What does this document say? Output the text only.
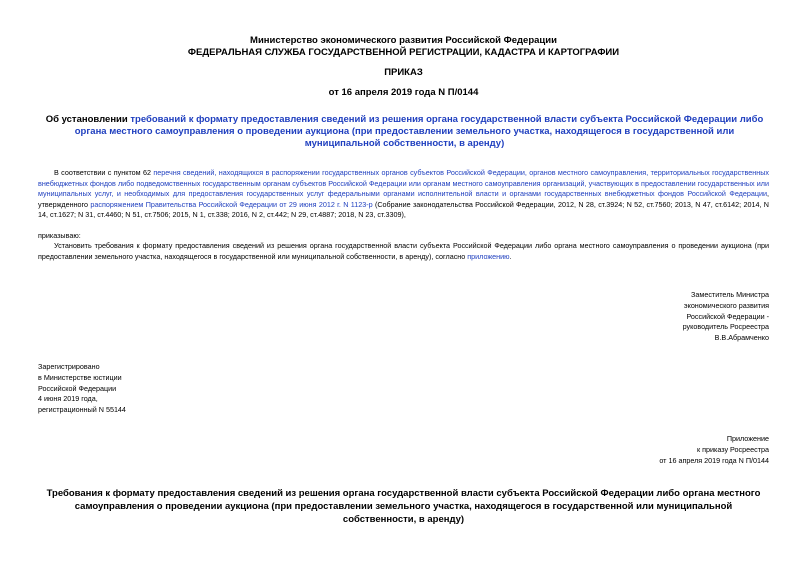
Министерство экономического развития Российской Федерации
ФЕДЕРАЛЬНАЯ СЛУЖБА ГОСУДАРСТВЕННОЙ РЕГИСТРАЦИИ, КАДАСТРА И КАРТОГРАФИИ
ПРИКАЗ
от 16 апреля 2019 года N П/0144
Об установлении требований к формату предоставления сведений из решения органа государственной власти субъекта Российской Федерации либо органа местного самоуправления о проведении аукциона (при предоставлении земельного участка, находящегося в государственной или муниципальной собственности, в аренду)
В соответствии с пунктом 62 перечня сведений, находящихся в распоряжении государственных органов субъектов Российской Федерации, органов местного самоуправления, территориальных государственных внебюджетных фондов либо подведомственных государственным органам субъектов Российской Федерации или органам местного самоуправления организаций, участвующих в предоставлении государственных или муниципальных услуг, и необходимых для предоставления государственных услуг федеральными органами исполнительной власти и органами государственных внебюджетных фондов Российской Федерации, утвержденного распоряжением Правительства Российской Федерации от 29 июня 2012 г. N 1123-р (Собрание законодательства Российской Федерации, 2012, N 28, ст.3924; N 52, ст.7560; 2013, N 47, ст.6142; 2014, N 14, ст.1627; N 31, ст.4460; N 51, ст.7506; 2015, N 1, ст.338; 2016, N 2, ст.442; N 29, ст.4887; 2018, N 23, ст.3309),
приказываю:
Установить требования к формату предоставления сведений из решения органа государственной власти субъекта Российской Федерации либо органа местного самоуправления о проведении аукциона (при предоставлении земельного участка, находящегося в государственной или муниципальной собственности, в аренду), согласно приложению.
Заместитель Министра
экономического развития
Российской Федерации -
руководитель Росреестра
В.В.Абрамченко
Зарегистрировано
в Министерстве юстиции
Российской Федерации
4 июня 2019 года,
регистрационный N 55144
Приложение
к приказу Росреестра
от 16 апреля 2019 года N П/0144
Требования к формату предоставления сведений из решения органа государственной власти субъекта Российской Федерации либо органа местного самоуправления о проведении аукциона (при предоставлении земельного участка, находящегося в государственной или муниципальной собственности, в аренду)
